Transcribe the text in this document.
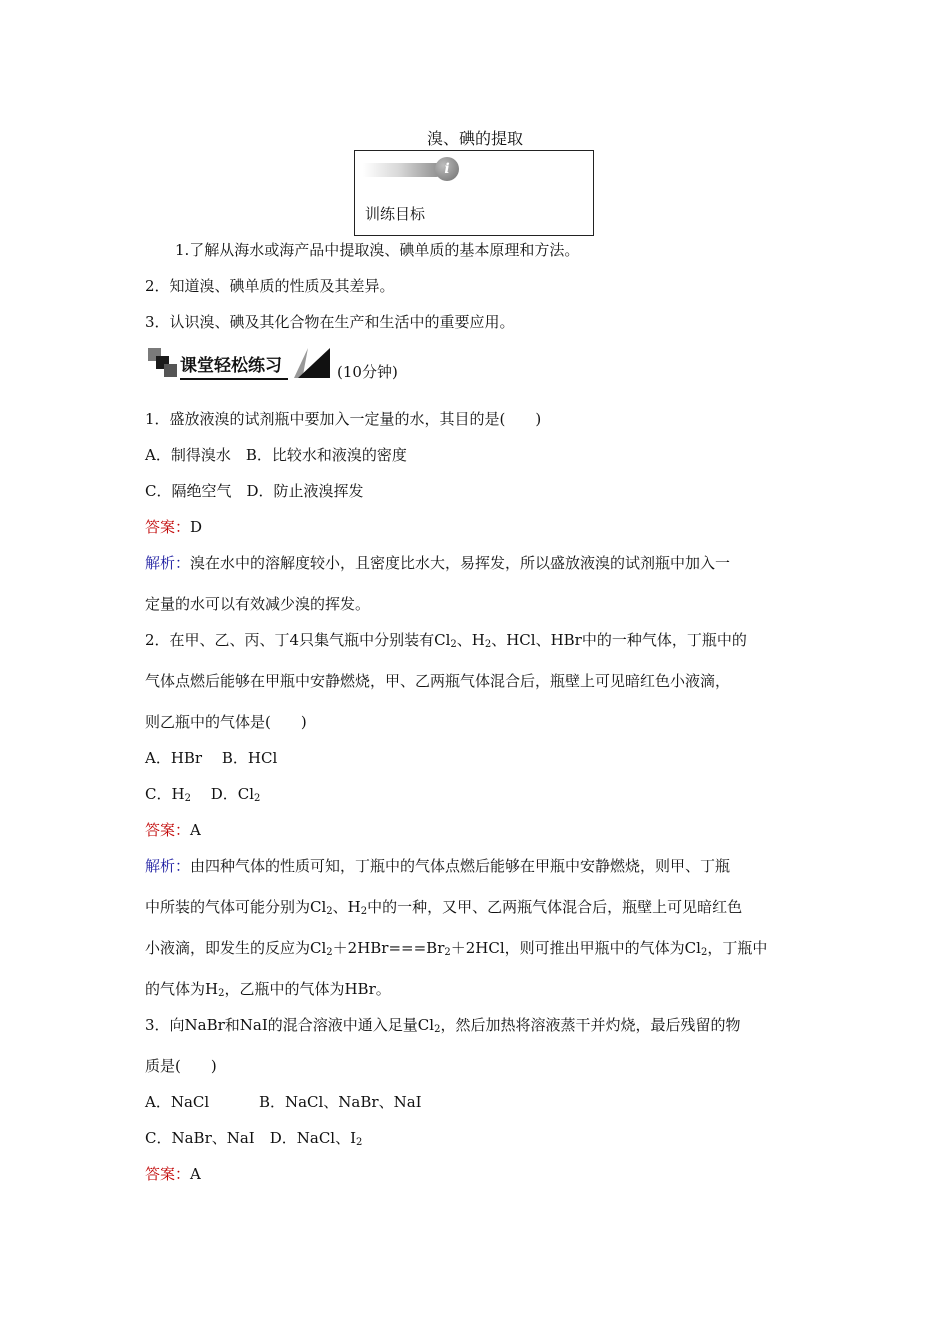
溴、碘的提取
i
训练目标
1.了解从海水或海产品中提取溴、碘单质的基本原理和方法。
2．知道溴、碘单质的性质及其差异。
3．认识溴、碘及其化合物在生产和生活中的重要应用。
课堂轻松练习	(10分钟)
1．盛放液溴的试剂瓶中要加入一定量的水，其目的是(　　)
A．制得溴水　B．比较水和液溴的密度
C．隔绝空气　D．防止液溴挥发
答案：D
解析：溴在水中的溶解度较小，且密度比水大，易挥发，所以盛放液溴的试剂瓶中加入一
定量的水可以有效减少溴的挥发。
2．在甲、乙、丙、丁4只集气瓶中分别装有$Cl_2$、$H_2$、HCl、HBr中的一种气体，丁瓶中的
气体点燃后能够在甲瓶中安静燃烧，甲、乙两瓶气体混合后，瓶壁上可见暗红色小液滴，
则乙瓶中的气体是(　　)
A．HBr　 B．HCl
C．$H_2$　 D．$Cl_2$
答案：A
解析：由四种气体的性质可知，丁瓶中的气体点燃后能够在甲瓶中安静燃烧，则甲、丁瓶
中所装的气体可能分别为$Cl_2$、$H_2$中的一种，又甲、乙两瓶气体混合后，瓶壁上可见暗红色
小液滴，即发生的反应为$Cl_2+2HBr===Br_2+2HCl$，则可推出甲瓶中的气体为$Cl_2$，丁瓶中
的气体为$H_2$，乙瓶中的气体为HBr。
3．向NaBr和NaI的混合溶液中通入足量$Cl_2$，然后加热将溶液蒸干并灼烧，最后残留的物
质是(　　)
A．NaCl　　　 B．NaCl、NaBr、NaI
C．NaBr、NaI　D．NaCl、$I_2$
答案：A
